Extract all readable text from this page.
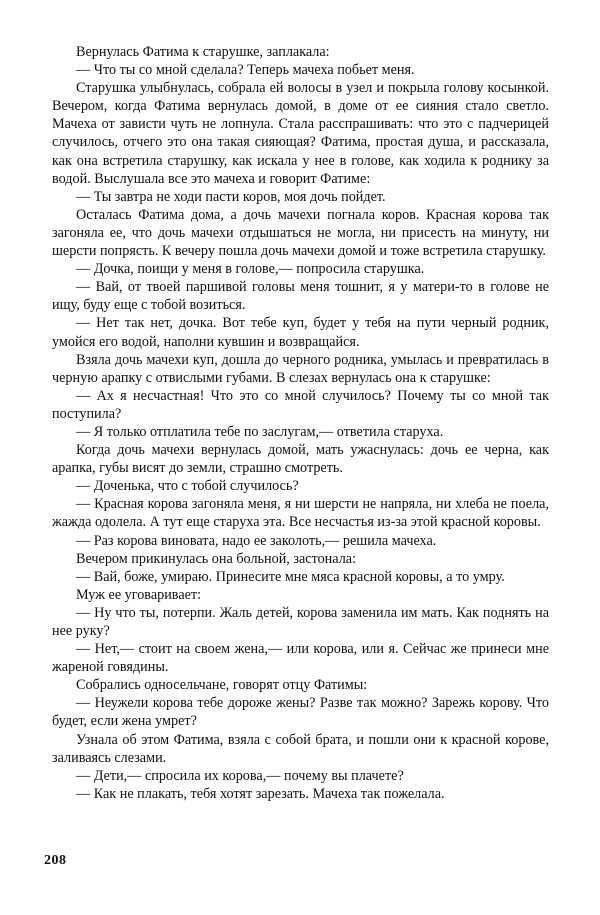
Вернулась Фатима к старушке, заплакала:

— Что ты со мной сделала? Теперь мачеха побьет меня.

Старушка улыбнулась, собрала ей волосы в узел и покрыла голову косынкой. Вечером, когда Фатима вернулась домой, в доме от ее сияния стало светло. Мачеха от зависти чуть не лопнула. Стала расспрашивать: что это с падчерицей случилось, отчего это она такая сияющая? Фатима, простая душа, и рассказала, как она встретила старушку, как искала у нее в голове, как ходила к роднику за водой. Выслушала все это мачеха и говорит Фатиме:

— Ты завтра не ходи пасти коров, моя дочь пойдет.

Осталась Фатима дома, а дочь мачехи погнала коров. Красная корова так загоняла ее, что дочь мачехи отдышаться не могла, ни присесть на минуту, ни шерсти попрясть. К вечеру пошла дочь мачехи домой и тоже встретила старушку.

— Дочка, поищи у меня в голове,— попросила старушка.

— Вай, от твоей паршивой головы меня тошнит, я у матери-то в голове не ищу, буду еще с тобой возиться.

— Нет так нет, дочка. Вот тебе куп, будет у тебя на пути черный родник, умойся его водой, наполни кувшин и возвращайся.

Взяла дочь мачехи куп, дошла до черного родника, умылась и превратилась в черную арапку с отвислыми губами. В слезах вернулась она к старушке:

— Ах я несчастная! Что это со мной случилось? Почему ты со мной так поступила?

— Я только отплатила тебе по заслугам,— ответила старуха.

Когда дочь мачехи вернулась домой, мать ужаснулась: дочь ее черна, как арапка, губы висят до земли, страшно смотреть.

— Доченька, что с тобой случилось?

— Красная корова загоняла меня, я ни шерсти не напряла, ни хлеба не поела, жажда одолела. А тут еще старуха эта. Все несчастья из-за этой красной коровы.

— Раз корова виновата, надо ее заколоть,— решила мачеха.

Вечером прикинулась она больной, застонала:

— Вай, боже, умираю. Принесите мне мяса красной коровы, а то умру.

Муж ее уговаривает:

— Ну что ты, потерпи. Жаль детей, корова заменила им мать. Как поднять на нее руку?

— Нет,— стоит на своем жена,— или корова, или я. Сейчас же принеси мне жареной говядины.

Собрались односельчане, говорят отцу Фатимы:

— Неужели корова тебе дороже жены? Разве так можно? Зарежь корову. Что будет, если жена умрет?

Узнала об этом Фатима, взяла с собой брата, и пошли они к красной корове, заливаясь слезами.

— Дети,— спросила их корова,— почему вы плачете?

— Как не плакать, тебя хотят зарезать. Мачеха так пожелала.

208
